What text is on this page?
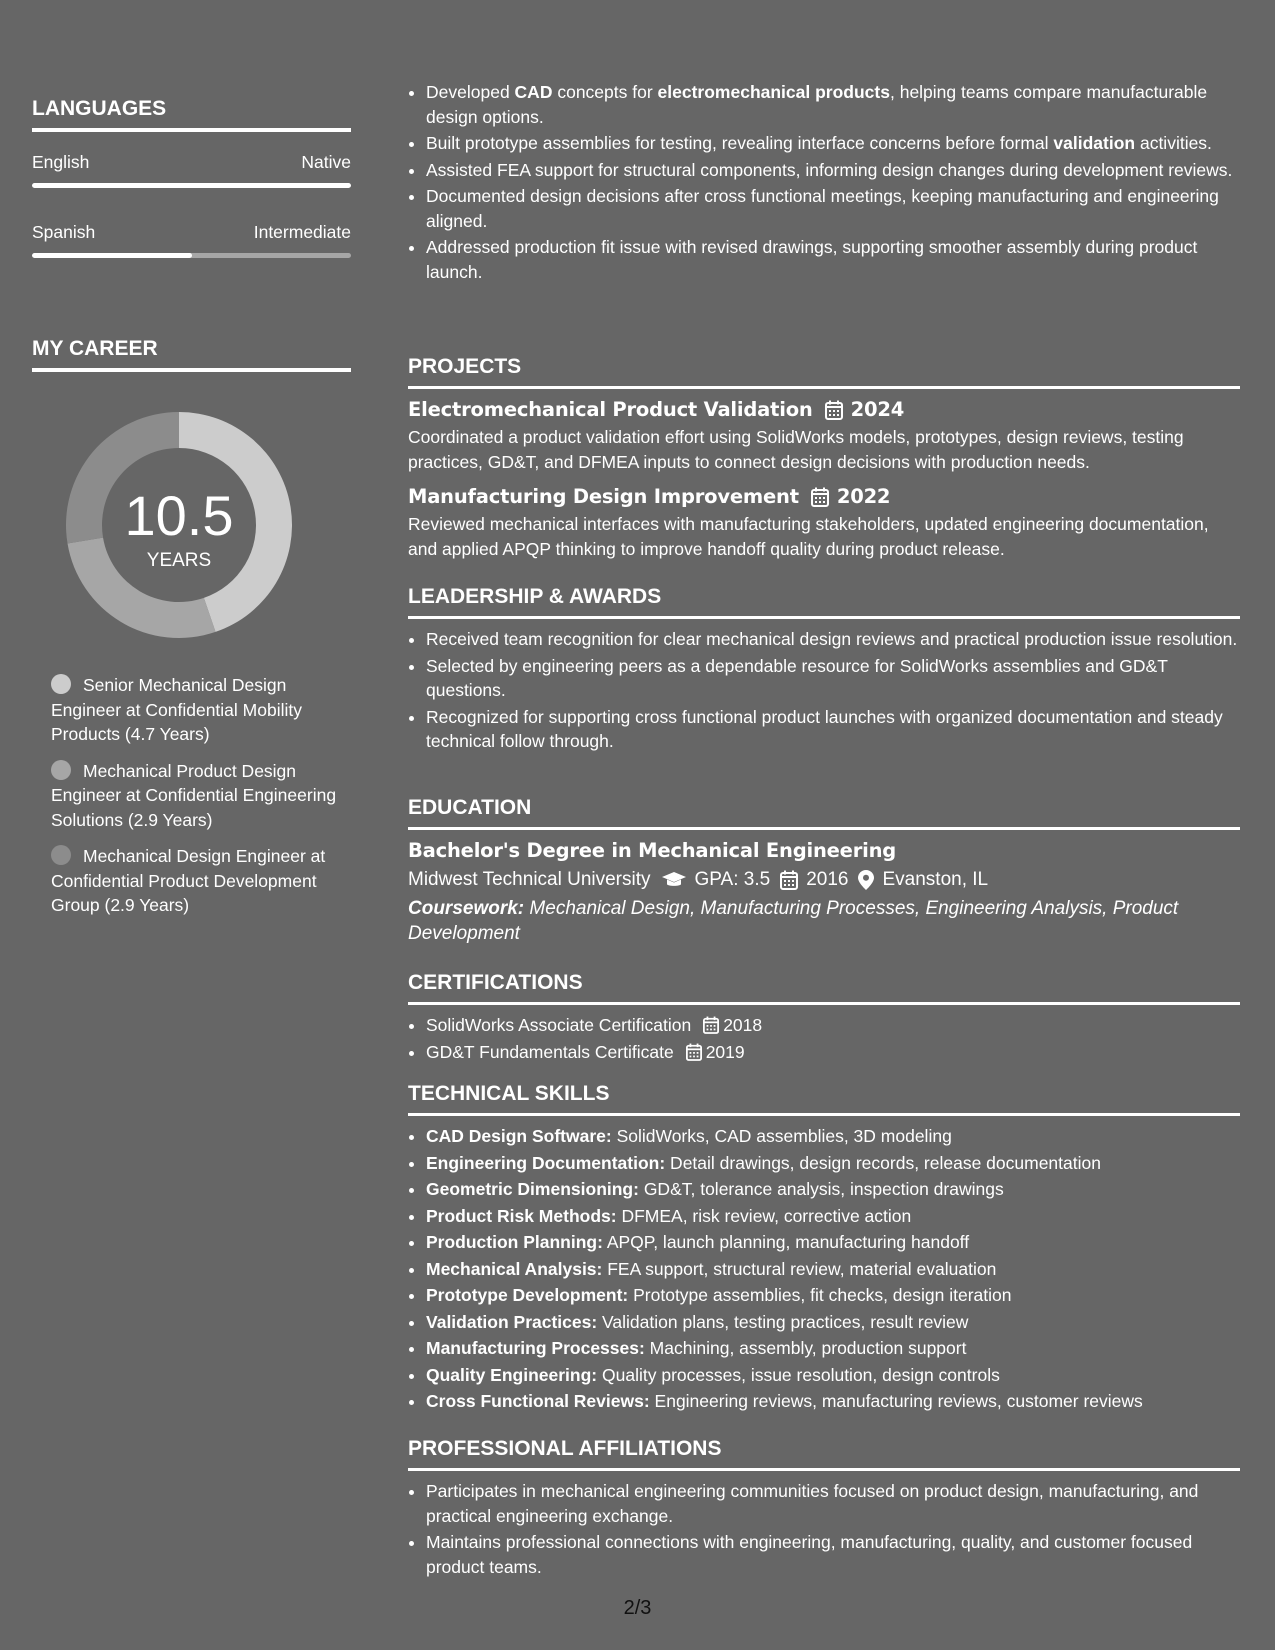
LANGUAGES
English	Native
Spanish	Intermediate
MY CAREER
10.5
YEARS
Senior Mechanical Design Engineer at Confidential Mobility Products (4.7 Years)
Mechanical Product Design Engineer at Confidential Engineering Solutions (2.9 Years)
Mechanical Design Engineer at Confidential Product Development Group (2.9 Years)
• Developed CAD concepts for electromechanical products, helping teams compare manufacturable design options.
• Built prototype assemblies for testing, revealing interface concerns before formal validation activities.
• Assisted FEA support for structural components, informing design changes during development reviews.
• Documented design decisions after cross functional meetings, keeping manufacturing and engineering aligned.
• Addressed production fit issue with revised drawings, supporting smoother assembly during product launch.
PROJECTS
Electromechanical Product Validation 2024
Coordinated a product validation effort using SolidWorks models, prototypes, design reviews, testing practices, GD&T, and DFMEA inputs to connect design decisions with production needs.
Manufacturing Design Improvement 2022
Reviewed mechanical interfaces with manufacturing stakeholders, updated engineering documentation, and applied APQP thinking to improve handoff quality during product release.
LEADERSHIP & AWARDS
• Received team recognition for clear mechanical design reviews and practical production issue resolution.
• Selected by engineering peers as a dependable resource for SolidWorks assemblies and GD&T questions.
• Recognized for supporting cross functional product launches with organized documentation and steady technical follow through.
EDUCATION
Bachelor's Degree in Mechanical Engineering
Midwest Technical University GPA: 3.5 2016 Evanston, IL
Coursework: Mechanical Design, Manufacturing Processes, Engineering Analysis, Product Development
CERTIFICATIONS
• SolidWorks Associate Certification 2018
• GD&T Fundamentals Certificate 2019
TECHNICAL SKILLS
• CAD Design Software: SolidWorks, CAD assemblies, 3D modeling
• Engineering Documentation: Detail drawings, design records, release documentation
• Geometric Dimensioning: GD&T, tolerance analysis, inspection drawings
• Product Risk Methods: DFMEA, risk review, corrective action
• Production Planning: APQP, launch planning, manufacturing handoff
• Mechanical Analysis: FEA support, structural review, material evaluation
• Prototype Development: Prototype assemblies, fit checks, design iteration
• Validation Practices: Validation plans, testing practices, result review
• Manufacturing Processes: Machining, assembly, production support
• Quality Engineering: Quality processes, issue resolution, design controls
• Cross Functional Reviews: Engineering reviews, manufacturing reviews, customer reviews
PROFESSIONAL AFFILIATIONS
• Participates in mechanical engineering communities focused on product design, manufacturing, and practical engineering exchange.
• Maintains professional connections with engineering, manufacturing, quality, and customer focused product teams.
2/3
